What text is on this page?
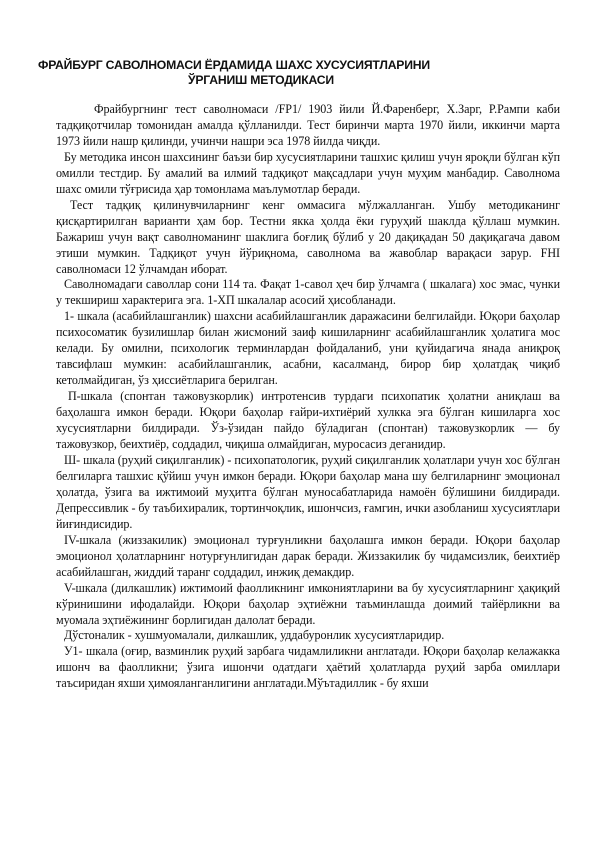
ФРАЙБУРГ САВОЛНОМАСИ ЁРДАМИДА ШАХС ХУСУСИЯТЛАРИНИ
ЎРГАНИШ МЕТОДИКАСИ

Фрайбургнинг тест саволномаси /FP1/ 1903 йили Й.Фаренберг, Х.Зарг, Р.Рампи каби тадқиқотчилар томонидан амалда қўлланилди. Тест биринчи марта 1970 йили, иккинчи марта 1973 йили нашр қилинди, учинчи нашри эса 1978 йилда чиқди.

Бу методика инсон шахсининг баъзи бир хусусиятларини ташхис қилиш учун яроқли бўлган кўп омилли тестдир. Бу амалий ва илмий тадқиқот мақсадлари учун муҳим манбадир. Саволнома шахс омили тўғрисида ҳар томонлама маълумотлар беради.

Тест тадқиқ қилинувчиларнинг кенг оммасига мўлжалланган. Ушбу методиканинг қисқартирилган варианти ҳам бор. Тестни якка ҳолда ёки гуруҳий шаклда қўллаш мумкин. Бажариш учун вақт саволноманинг шаклига боғлиқ бўлиб у 20 дақиқадан 50 дақиқагача давом этиши мумкин. Тадқиқот учун йўриқнома, саволнома ва жавоблар варақаси зарур. FHI саволномаси 12 ўлчамдан иборат.

Саволномадаги саволлар сони 114 та. Фақат 1-савол ҳеч бир ўлчамга ( шкалага) хос эмас, чунки у текшириш характерига эга. 1-XП шкалалар асосий ҳисобланади.

1- шкала (асабийлашганлик) шахсни асабийлашганлик даражасини белгилайди. Юқори баҳолар психосоматик бузилишлар билан жисмоний заиф кишиларнинг асабийлашганлик ҳолатига мос келади. Бу омилни, психологик терминлардан фойдаланиб, уни қуйидагича янада аниқроқ тавсифлаш мумкин: асабийлашганлик, асабни, касалманд, бирор бир ҳолатдақ чиқиб кетолмайдиган, ўз ҳиссиётларига берилган.

П-шкала (спонтан тажовузкорлик) интротенсив турдаги психопатик ҳолатни аниқлаш ва баҳолашга имкон беради. Юқори баҳолар ғайри-ихтиёрий хулкка эга бўлган кишиларга хос хусусиятларни билдиради. Ўз-ўзидан пайдо бўладиган (спонтан) тажовузкорлик — бу тажовузкор, беихтиёр, соддадил, чиқиша олмайдиган, муросасиз деганидир.

Ш- шкала (руҳий сиқилганлик) - психопатологик, руҳий сиқилганлик ҳолатлари учун хос бўлган белгиларга ташхис қўйиш учун имкон беради. Юқори баҳолар мана шу белгиларнинг эмоционал ҳолатда, ўзига ва ижтимоий муҳитга бўлган муносабатларида намоён бўлишини билдиради. Депрессивлик - бу таъбихиралик, тортинчоқлик, ишончсиз, ғамгин, ички азобланиш хусусиятлари йиғиндисидир.

IV-шкала (жиззакилик) эмоционал турғунликни баҳолашга имкон беради. Юқори баҳолар эмоционол ҳолатларнинг нотурғунлигидан дарак беради. Жиззакилик бу чидамсизлик, беихтиёр асабийлашган, жиддий таранг соддадил, инжиқ демакдир.

V-шкала (дилкашлик) ижтимоий фаолликнинг имкониятларини ва бу хусусиятларнинг ҳақиқий кўринишини ифодалайди. Юқори баҳолар эҳтиёжни таъминлашда доимий тайёрликни ва муомала эҳтиёжининг борлигидан далолат беради.

Дўстоналик - хушмуомалали, дилкашлик, уддабуронлик хусусиятларидир.

У1- шкала (оғир, вазминлик руҳий зарбага чидамлиликни англатади. Юқори баҳолар келажакка ишонч ва фаолликни; ўзига ишончи одатдаги ҳаётий ҳолатларда руҳий зарба омиллари таъсиридан яхши ҳимояланганлигини англатади.Мўътадиллик - бу яхши
